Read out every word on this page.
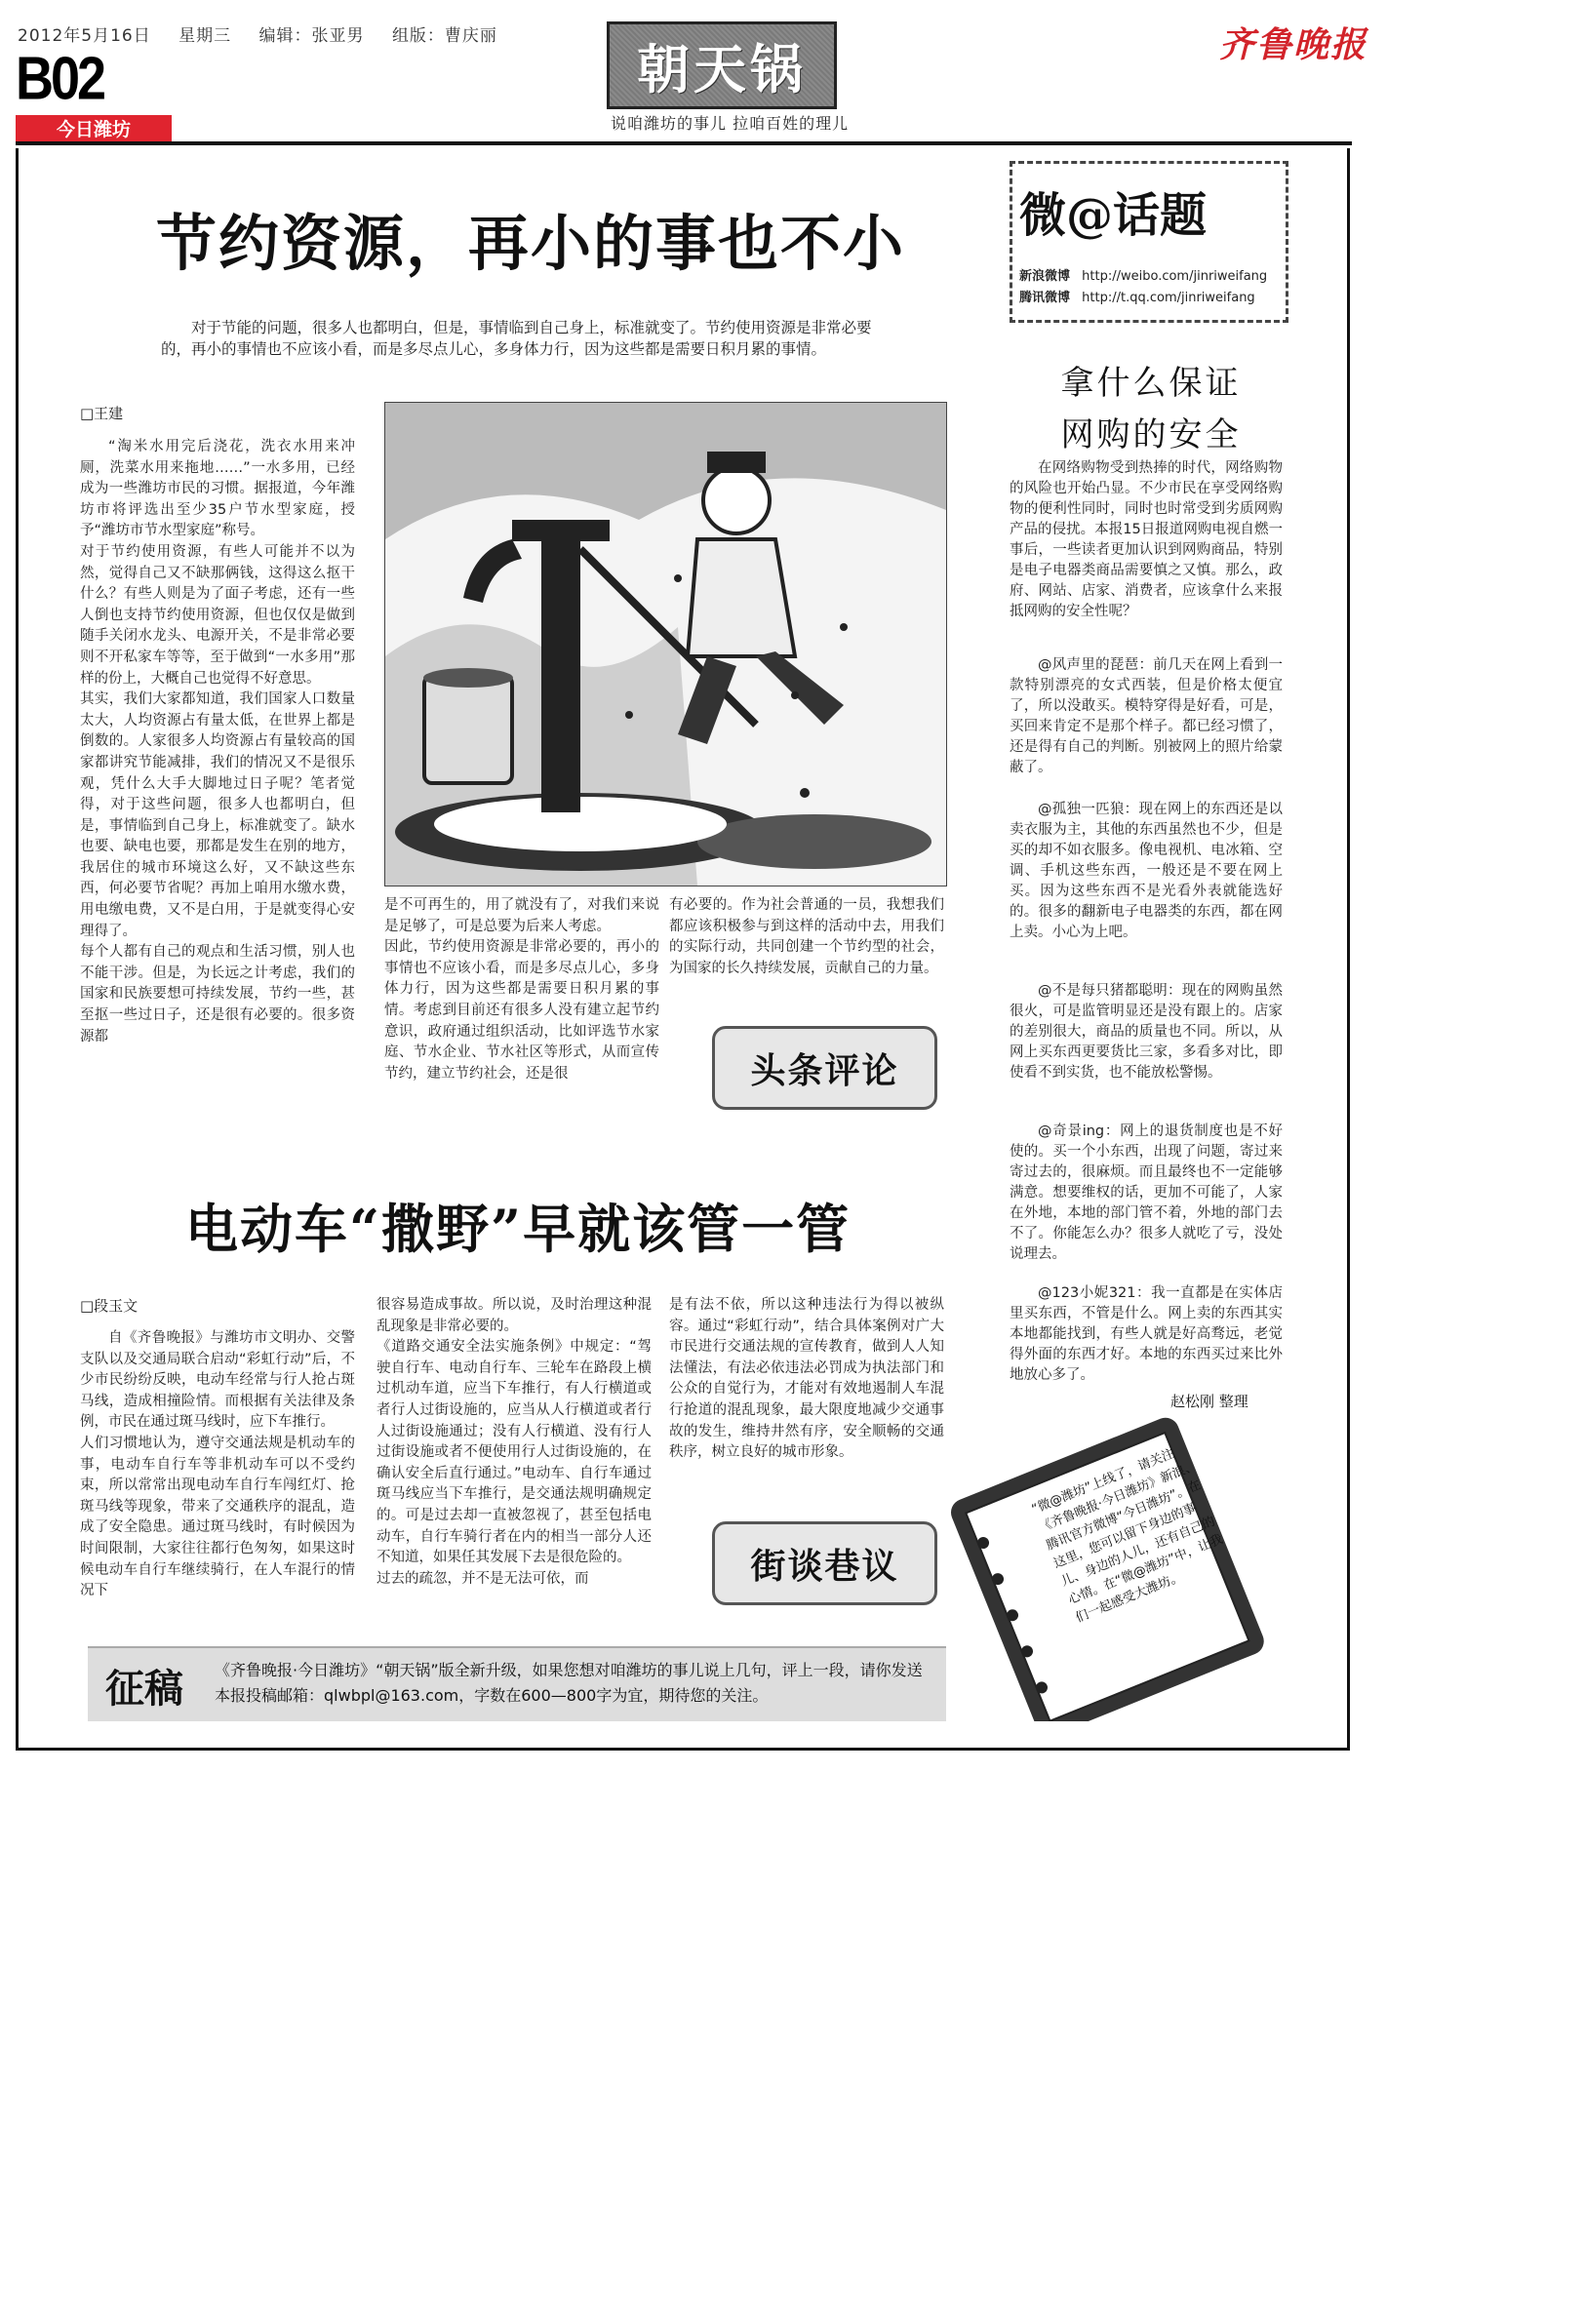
2012年5月16日 星期三 编辑：张亚男 组版：曹庆丽
B02
今日潍坊
朝天锅
说咱潍坊的事儿 拉咱百姓的理儿
齐鲁晚报
节约资源，再小的事也不小
对于节能的问题，很多人也都明白，但是，事情临到自己身上，标准就变了。节约使用资源是非常必要的，再小的事情也不应该小看，而是多尽点儿心，多身体力行，因为这些都是需要日积月累的事情。
□王建

“淘米水用完后浇花，洗衣水用来冲厕，洗菜水用来拖地……”一水多用，已经成为一些潍坊市民的习惯。据报道，今年潍坊市将评选出至少35户节水型家庭，授予“潍坊市节水型家庭”称号。
对于节约使用资源，有些人可能并不以为然，觉得自己又不缺那俩钱，这得这么抠干什么？有些人则是为了面子考虑，还有一些人倒也支持节约使用资源，但也仅仅是做到随手关闭水龙头、电源开关，不是非常必要则不开私家车等等，至于做到“一水多用”那样的份上，大概自己也觉得不好意思。
其实，我们大家都知道，我们国家人口数量太大，人均资源占有量太低，在世界上都是倒数的。人家很多人均资源占有量较高的国家都讲究节能减排，我们的情况又不是很乐观，凭什么大手大脚地过日子呢？笔者觉得，对于这些问题，很多人也都明白，但是，事情临到自己身上，标准就变了。缺水也要、缺电也要，那都是发生在别的地方，我居住的城市环境这么好，又不缺这些东西，何必要节省呢？再加上咱用水缴水费，用电缴电费，又不是白用，于是就变得心安理得了。
每个人都有自己的观点和生活习惯，别人也不能干涉。但是，为长远之计考虑，我们的国家和民族要想可持续发展，节约一些，甚至抠一些过日子，还是很有必要的。很多资源都

是不可再生的，用了就没有了，对我们来说是足够了，可是总要为后来人考虑。
因此，节约使用资源是非常必要的，再小的事情也不应该小看，而是多尽点儿心，多身体力行，因为这些都是需要日积月累的事情。考虑到目前还有很多人没有建立起节约意识，政府通过组织活动，比如评选节水家庭、节水企业、节水社区等形式，从而宣传节约，建立节约社会，还是很

有必要的。作为社会普通的一员，我想我们都应该积极参与到这样的活动中去，用我们的实际行动，共同创建一个节约型的社会，为国家的长久持续发展，贡献自己的力量。

头条评论
电动车“撒野”早就该管一管
□段玉文

自《齐鲁晚报》与潍坊市文明办、交警支队以及交通局联合启动“彩虹行动”后，不少市民纷纷反映，电动车经常与行人抢占斑马线，造成相撞险情。而根据有关法律及条例，市民在通过斑马线时，应下车推行。
人们习惯地认为，遵守交通法规是机动车的事，电动车自行车等非机动车可以不受约束，所以常常出现电动车自行车闯红灯、抢斑马线等现象，带来了交通秩序的混乱，造成了安全隐患。通过斑马线时，有时候因为时间限制，大家往往都行色匆匆，如果这时候电动车自行车继续骑行，在人车混行的情况下

很容易造成事故。所以说，及时治理这种混乱现象是非常必要的。
《道路交通安全法实施条例》中规定：“驾驶自行车、电动自行车、三轮车在路段上横过机动车道，应当下车推行，有人行横道或者行人过街设施的，应当从人行横道或者行人过街设施通过；没有人行横道、没有行人过街设施或者不便使用行人过街设施的，在确认安全后直行通过。”电动车、自行车通过斑马线应当下车推行，是交通法规明确规定的。可是过去却一直被忽视了，甚至包括电动车，自行车骑行者在内的相当一部分人还不知道，如果任其发展下去是很危险的。
过去的疏忽，并不是无法可依，而

是有法不依，所以这种违法行为得以被纵容。通过“彩虹行动”，结合具体案例对广大市民进行交通法规的宣传教育，做到人人知法懂法，有法必依违法必罚成为执法部门和公众的自觉行为，才能对有效地遏制人车混行抢道的混乱现象，最大限度地减少交通事故的发生，维持井然有序，安全顺畅的交通秩序，树立良好的城市形象。

街谈巷议
微@话题
新浪微博 http://weibo.com/jinriweifang
腾讯微博 http://t.qq.com/jinriweifang
拿什么保证
网购的安全

在网络购物受到热捧的时代，网络购物的风险也开始凸显。不少市民在享受网络购物的便利性同时，同时也时常受到劣质网购产品的侵扰。本报15日报道网购电视自燃一事后，一些读者更加认识到网购商品，特别是电子电器类商品需要慎之又慎。那么，政府、网站、店家、消费者，应该拿什么来报抵网购的安全性呢？

@风声里的琵琶：前几天在网上看到一款特别漂亮的女式西装，但是价格太便宜了，所以没敢买。模特穿得是好看，可是，买回来肯定不是那个样子。都已经习惯了，还是得有自己的判断。别被网上的照片给蒙蔽了。

@孤独一匹狼：现在网上的东西还是以卖衣服为主，其他的东西虽然也不少，但是买的却不如衣服多。像电视机、电冰箱、空调、手机这些东西，一般还是不要在网上买。因为这些东西不是光看外表就能选好的。很多的翻新电子电器类的东西，都在网上卖。小心为上吧。

@不是每只猪都聪明：现在的网购虽然很火，可是监管明显还是没有跟上的。店家的差别很大，商品的质量也不同。所以，从网上买东西更要货比三家，多看多对比，即使看不到实货，也不能放松警惕。

@奇景ing：网上的退货制度也是不好使的。买一个小东西，出现了问题，寄过来寄过去的，很麻烦。而且最终也不一定能够满意。想要维权的话，更加不可能了，人家在外地，本地的部门管不着，外地的部门去不了。你能怎么办？很多人就吃了亏，没处说理去。

@123小妮321：我一直都是在实体店里买东西，不管是什么。网上卖的东西其实本地都能找到，有些人就是好高骛远，老觉得外面的东西才好。本地的东西买过来比外地放心多了。

赵松刚 整理
“微@潍坊”上线了，请关注《齐鲁晚报·今日潍坊》新浪、腾讯官方微博“今日潍坊”。在这里，您可以留下身边的事儿、身边的人儿，还有自己的心情。在“微@潍坊”中，让我们一起感受大潍坊。
征稿 《齐鲁晚报·今日潍坊》“朝天锅”版全新升级，如果您想对咱潍坊的事儿说上几句，评上一段，请你发送本报投稿邮箱：qlwbpl@163.com，字数在600—800字为宜，期待您的关注。
